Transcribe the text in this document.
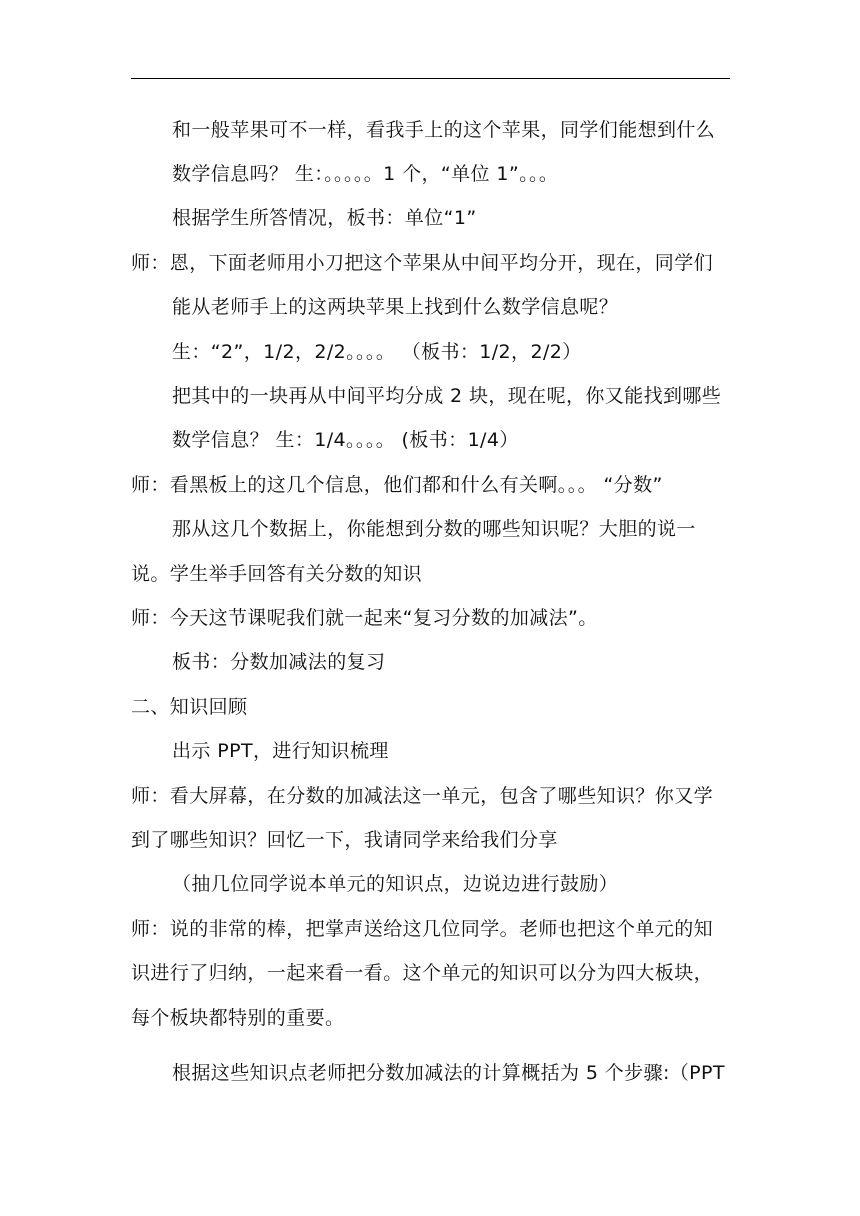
和一般苹果可不一样，看我手上的这个苹果，同学们能想到什么
数学信息吗？ 生：。。。。。1 个，“单位 1”。。。
根据学生所答情况，板书：单位“1”
师：恩，下面老师用小刀把这个苹果从中间平均分开，现在，同学们
能从老师手上的这两块苹果上找到什么数学信息呢？
生：“2”，1/2，2/2。。。。 （板书：1/2，2/2）
把其中的一块再从中间平均分成 2 块，现在呢，你又能找到哪些
数学信息？ 生：1/4。。。。 (板书：1/4）
师：看黑板上的这几个信息，他们都和什么有关啊。。。 “分数”
那从这几个数据上，你能想到分数的哪些知识呢？大胆的说一
说。学生举手回答有关分数的知识
师：今天这节课呢我们就一起来“复习分数的加减法”。
板书：分数加减法的复习
二、知识回顾
出示 PPT，进行知识梳理
师：看大屏幕，在分数的加减法这一单元，包含了哪些知识？你又学
到了哪些知识？回忆一下，我请同学来给我们分享
（抽几位同学说本单元的知识点，边说边进行鼓励）
师：说的非常的棒，把掌声送给这几位同学。老师也把这个单元的知
识进行了归纳，一起来看一看。这个单元的知识可以分为四大板块，
每个板块都特别的重要。
根据这些知识点老师把分数加减法的计算概括为 5 个步骤:（PPT
